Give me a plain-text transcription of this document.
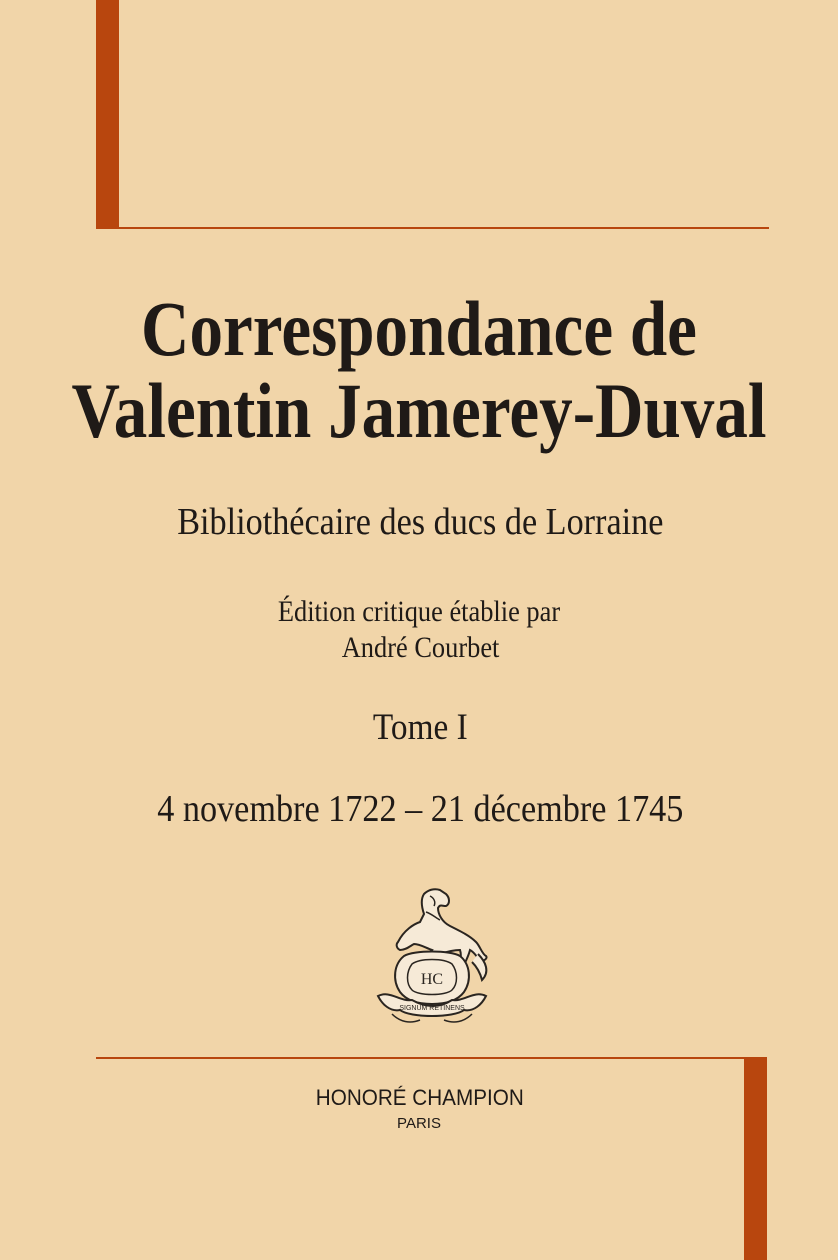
Correspondance de
Valentin Jamerey-Duval

Bibliothécaire des ducs de Lorraine

Édition critique établie par

André Courbet

Tome I

4 novembre 1722 – 21 décembre 1745

HC
SIGNUM RETINENS

HONORÉ CHAMPION

PARIS
